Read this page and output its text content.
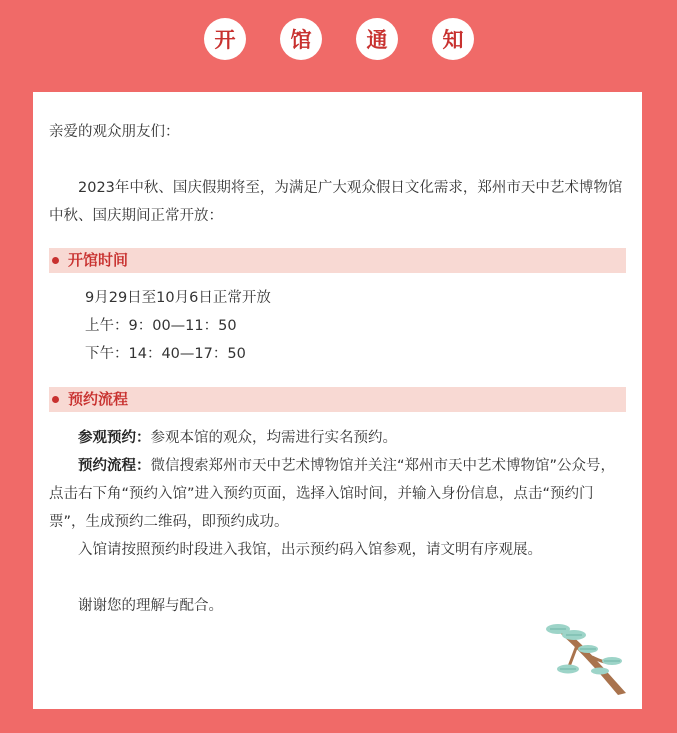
开	馆	通	知

亲爱的观众朋友们：

2023年中秋、国庆假期将至，为满足广大观众假日文化需求，郑州市天中艺术博物馆中秋、国庆期间正常开放：

开馆时间
9月29日至10月6日正常开放
上午：9：00—11：50
下午：14：40—17：50
预约流程

参观预约：参观本馆的观众，均需进行实名预约。

预约流程：微信搜索郑州市天中艺术博物馆并关注“郑州市天中艺术博物馆”公众号，点击右下角“预约入馆”进入预约页面，选择入馆时间，并输入身份信息，点击“预约门票”，生成预约二维码，即预约成功。

入馆请按照预约时段进入我馆，出示预约码入馆参观，请文明有序观展。

谢谢您的理解与配合。
